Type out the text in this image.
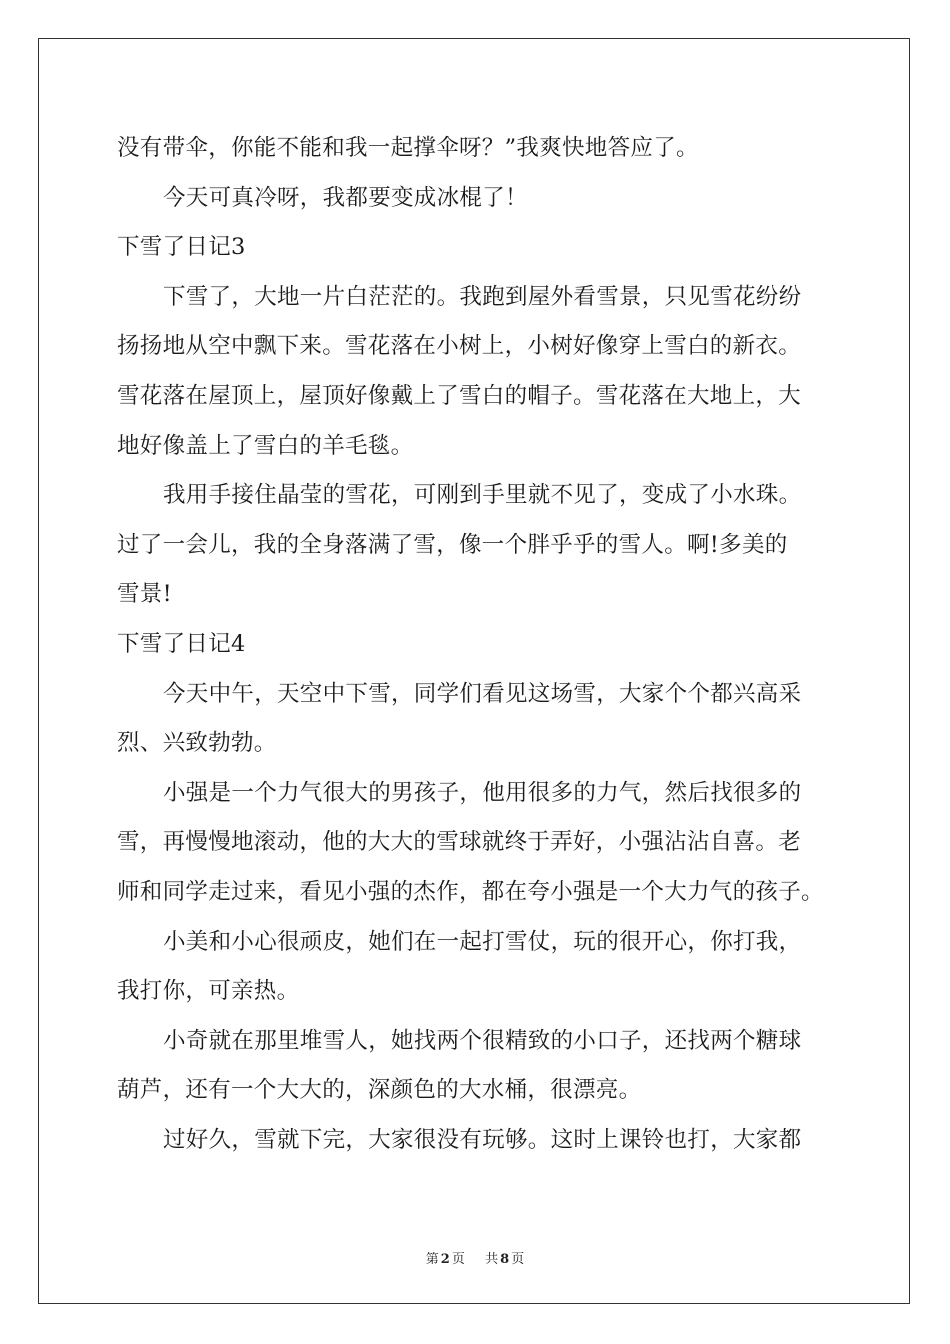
没有带伞，你能不能和我一起撑伞呀？”我爽快地答应了。

今天可真冷呀，我都要变成冰棍了！

下雪了日记3

下雪了，大地一片白茫茫的。我跑到屋外看雪景，只见雪花纷纷

扬扬地从空中飘下来。雪花落在小树上，小树好像穿上雪白的新衣。

雪花落在屋顶上，屋顶好像戴上了雪白的帽子。雪花落在大地上，大

地好像盖上了雪白的羊毛毯。

我用手接住晶莹的雪花，可刚到手里就不见了，变成了小水珠。

过了一会儿，我的全身落满了雪，像一个胖乎乎的雪人。啊!多美的

雪景!

下雪了日记4

今天中午，天空中下雪，同学们看见这场雪，大家个个都兴高采

烈、兴致勃勃。

小强是一个力气很大的男孩子，他用很多的力气，然后找很多的

雪，再慢慢地滚动，他的大大的雪球就终于弄好，小强沾沾自喜。老

师和同学走过来，看见小强的杰作，都在夸小强是一个大力气的孩子。

小美和小心很顽皮，她们在一起打雪仗，玩的很开心，你打我，

我打你，可亲热。

小奇就在那里堆雪人，她找两个很精致的小口子，还找两个糖球

葫芦，还有一个大大的，深颜色的大水桶，很漂亮。

过好久，雪就下完，大家很没有玩够。这时上课铃也打，大家都

第 2 页 共 8 页
